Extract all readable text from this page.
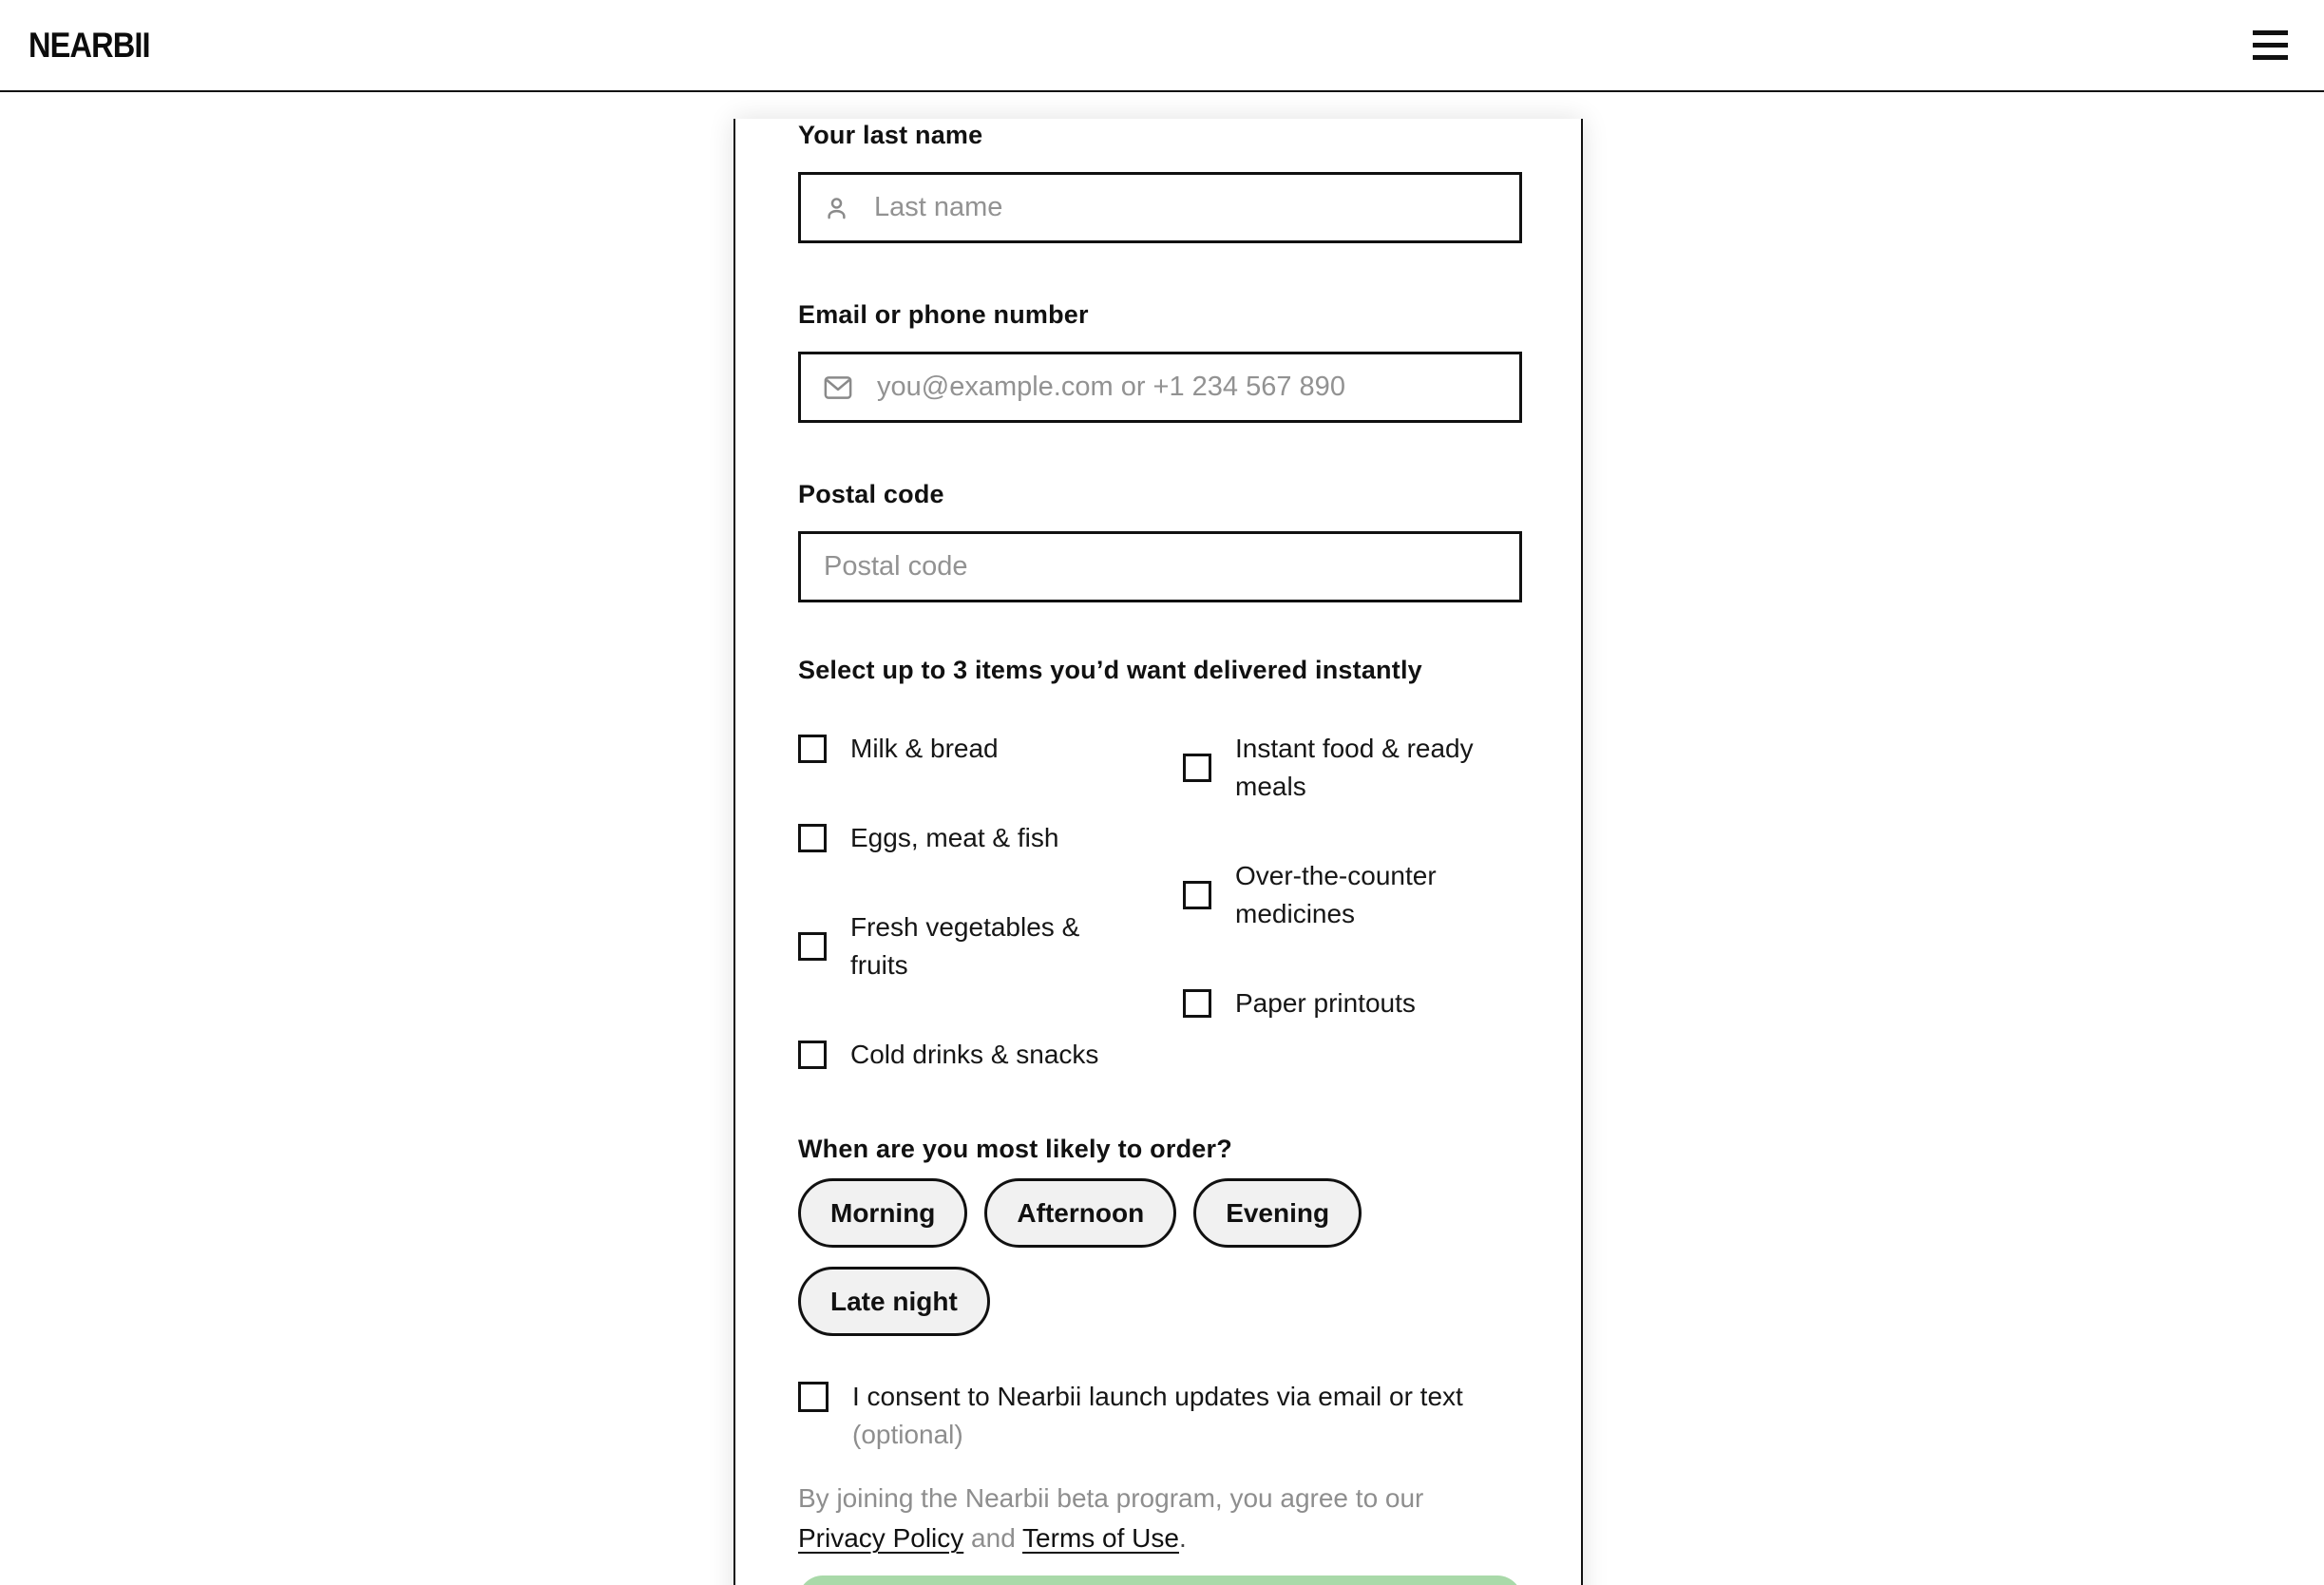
NEARBII
Your last name
Last name
Email or phone number
you@example.com or +1 234 567 890
Postal code
Postal code
Select up to 3 items you’d want delivered instantly
Milk & bread
Eggs, meat & fish
Fresh vegetables & fruits
Cold drinks & snacks
Instant food & ready meals
Over-the-counter medicines
Paper printouts
When are you most likely to order?
Morning	Afternoon	Evening
Late night
I consent to Nearbii launch updates via email or text (optional)

By joining the Nearbii beta program, you agree to our Privacy Policy and Terms of Use.
